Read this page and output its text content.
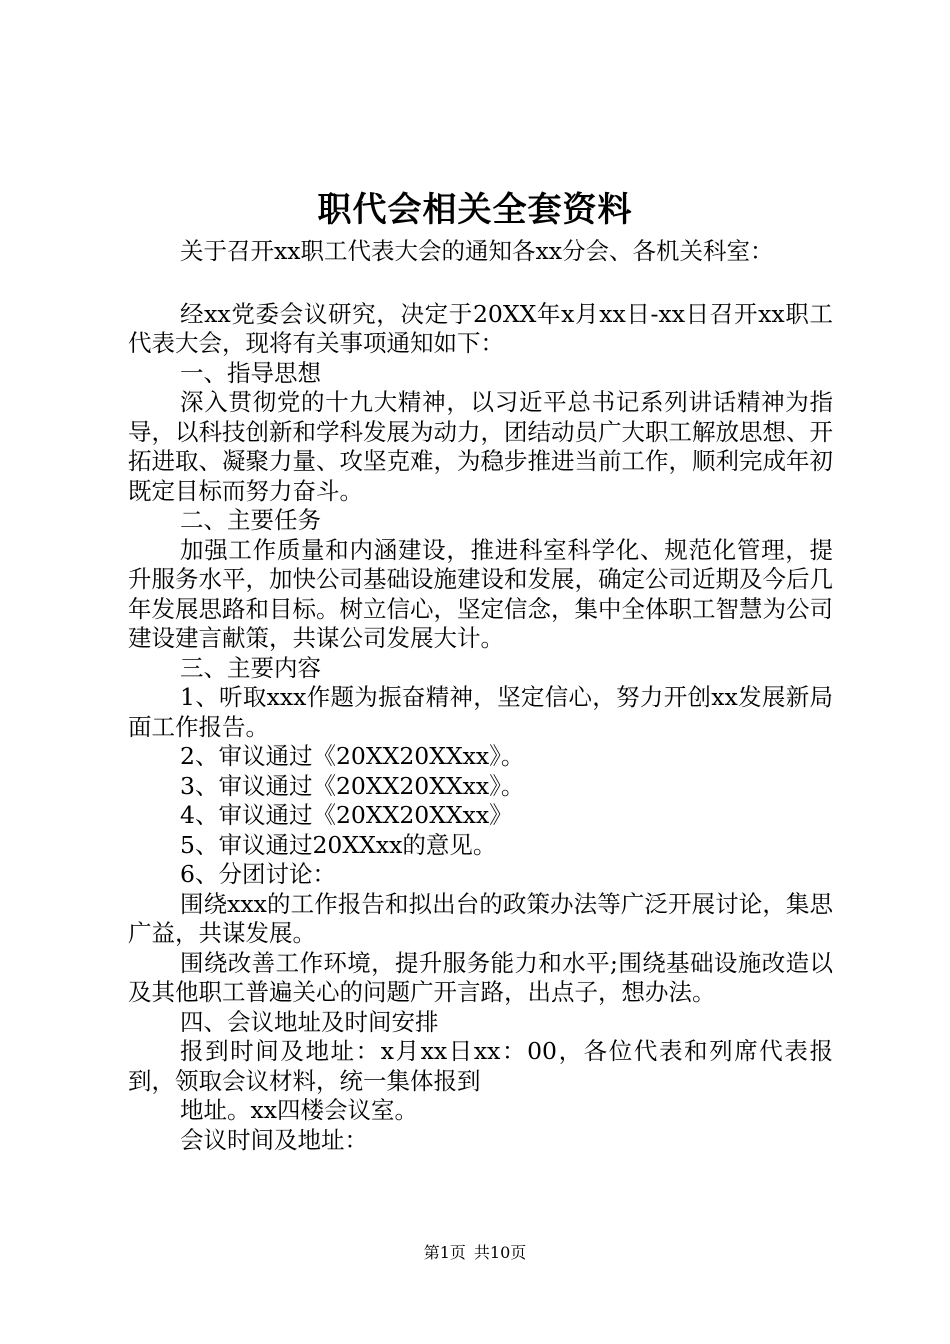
职代会相关全套资料

关于召开xx职工代表大会的通知各xx分会、各机关科室：

经xx党委会议研究，决定于20XX年x月xx日-xx日召开xx职工代表大会，现将有关事项通知如下：

一、指导思想

深入贯彻党的十九大精神，以习近平总书记系列讲话精神为指导，以科技创新和学科发展为动力，团结动员广大职工解放思想、开拓进取、凝聚力量、攻坚克难，为稳步推进当前工作，顺利完成年初既定目标而努力奋斗。

二、主要任务

加强工作质量和内涵建设，推进科室科学化、规范化管理，提升服务水平，加快公司基础设施建设和发展，确定公司近期及今后几年发展思路和目标。树立信心，坚定信念，集中全体职工智慧为公司建设建言献策，共谋公司发展大计。

三、主要内容

1、听取xxx作题为振奋精神，坚定信心，努力开创xx发展新局面工作报告。

2、审议通过《20XX20XXxx》。

3、审议通过《20XX20XXxx》。

4、审议通过《20XX20XXxx》

5、审议通过20XXxx的意见。

6、分团讨论：

围绕xxx的工作报告和拟出台的政策办法等广泛开展讨论，集思广益，共谋发展。

围绕改善工作环境，提升服务能力和水平;围绕基础设施改造以及其他职工普遍关心的问题广开言路，出点子，想办法。

四、会议地址及时间安排

报到时间及地址：x月xx日xx：00，各位代表和列席代表报到，领取会议材料，统一集体报到

地址。xx四楼会议室。

会议时间及地址：

第1页 共10页
